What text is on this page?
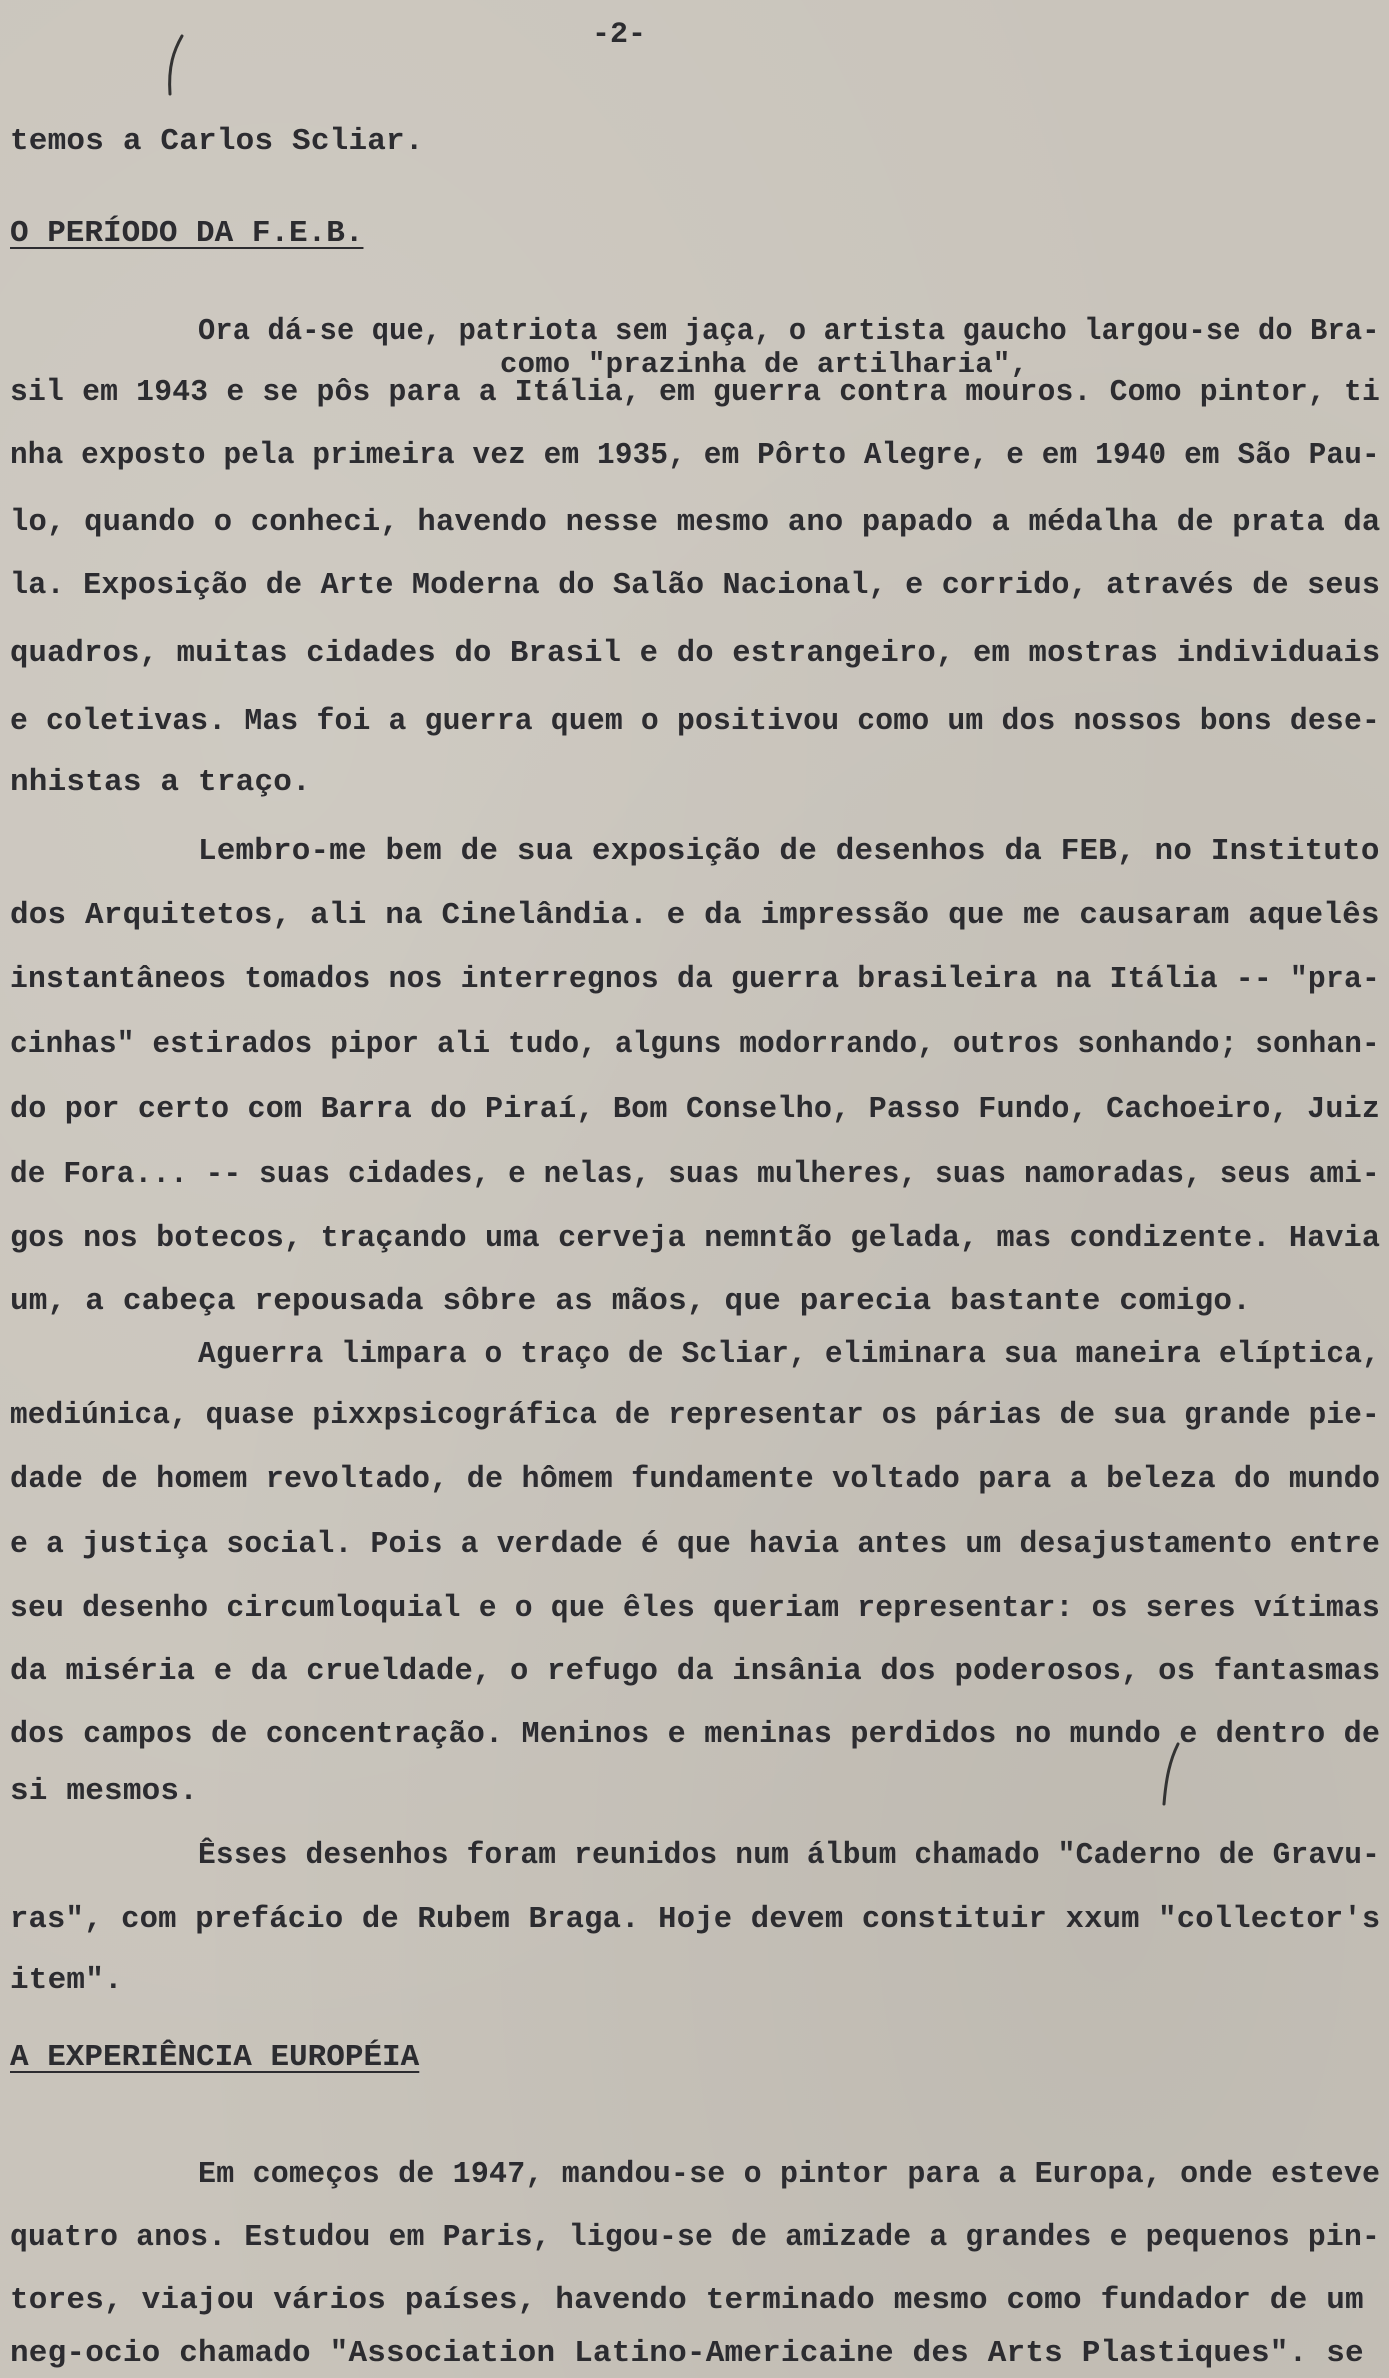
-2-
temos a Carlos Scliar.
O PERÍODO DA F.E.B.
Ora dá-se que, patriota sem jaça, o artista gaucho largou-se do Bra-
como "prazinha de artilharia",
sil em 1943 e se pôs para a Itália, em guerra contra mouros. Como pintor, ti
nha exposto pela primeira vez em 1935, em Pôrto Alegre, e em 1940 em São Pau-
lo, quando o conheci, havendo nesse mesmo ano papado a médalha de prata da
la. Exposição de Arte Moderna do Salão Nacional, e corrido, através de seus
quadros, muitas cidades do Brasil e do estrangeiro, em mostras individuais
e coletivas. Mas foi a guerra quem o positivou como um dos nossos bons dese-
nhistas a traço.
Lembro-me bem de sua exposição de desenhos da FEB, no Instituto
dos Arquitetos, ali na Cinelândia. e da impressão que me causaram aquelês
instantâneos tomados nos interregnos da guerra brasileira na Itália -- "pra-
cinhas" estirados pipor ali tudo, alguns modorrando, outros sonhando; sonhan-
do por certo com Barra do Piraí, Bom Conselho, Passo Fundo, Cachoeiro, Juiz
de Fora... -- suas cidades, e nelas, suas mulheres, suas namoradas, seus ami-
gos nos botecos, traçando uma cerveja nemntão gelada, mas condizente. Havia
um, a cabeça repousada sôbre as mãos, que parecia bastante comigo.
Aguerra limpara o traço de Scliar, eliminara sua maneira elíptica,
mediúnica, quase pixxpsicográfica de representar os párias de sua grande pie-
dade de homem revoltado, de hômem fundamente voltado para a beleza do mundo
e a justiça social. Pois a verdade é que havia antes um desajustamento entre
seu desenho circumloquial e o que êles queriam representar: os seres vítimas
da miséria e da crueldade, o refugo da insânia dos poderosos, os fantasmas
dos campos de concentração. Meninos e meninas perdidos no mundo e dentro de
si mesmos.
Êsses desenhos foram reunidos num álbum chamado "Caderno de Gravu-
ras", com prefácio de Rubem Braga. Hoje devem constituir xxum "collector's
item".
A EXPERIÊNCIA EUROPÉIA
Em começos de 1947, mandou-se o pintor para a Europa, onde esteve
quatro anos. Estudou em Paris, ligou-se de amizade a grandes e pequenos pin-
tores, viajou vários países, havendo terminado mesmo como fundador de um
neg-ocio chamado "Association Latino-Americaine des Arts Plastiques". se
